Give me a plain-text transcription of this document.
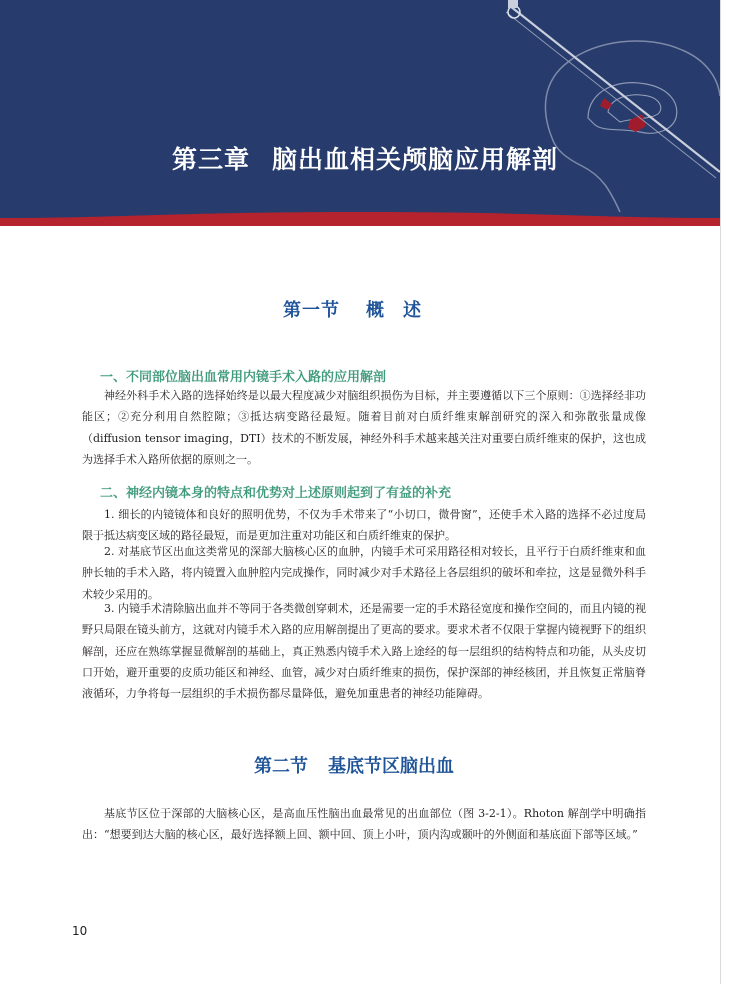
第三章 脑出血相关颅脑应用解剖
第一节 概 述
一、不同部位脑出血常用内镜手术入路的应用解剖

神经外科手术入路的选择始终是以最大程度减少对脑组织损伤为目标，并主要遵循以下三个原则：①选择经非功能区；②充分利用自然腔隙；③抵达病变路径最短。随着目前对白质纤维束解剖研究的深入和弥散张量成像（diffusion tensor imaging，DTI）技术的不断发展，神经外科手术越来越关注对重要白质纤维束的保护，这也成为选择手术入路所依据的原则之一。

二、神经内镜本身的特点和优势对上述原则起到了有益的补充

1. 细长的内镜镜体和良好的照明优势，不仅为手术带来了“小切口，微骨窗”，还使手术入路的选择不必过度局限于抵达病变区域的路径最短，而是更加注重对功能区和白质纤维束的保护。

2. 对基底节区出血这类常见的深部大脑核心区的血肿，内镜手术可采用路径相对较长，且平行于白质纤维束和血肿长轴的手术入路，将内镜置入血肿腔内完成操作，同时减少对手术路径上各层组织的破坏和牵拉，这是显微外科手术较少采用的。

3. 内镜手术清除脑出血并不等同于各类微创穿刺术，还是需要一定的手术路径宽度和操作空间的，而且内镜的视野只局限在镜头前方，这就对内镜手术入路的应用解剖提出了更高的要求。要求术者不仅限于掌握内镜视野下的组织解剖，还应在熟练掌握显微解剖的基础上，真正熟悉内镜手术入路上途经的每一层组织的结构特点和功能，从头皮切口开始，避开重要的皮质功能区和神经、血管，减少对白质纤维束的损伤，保护深部的神经核团，并且恢复正常脑脊液循环，力争将每一层组织的手术损伤都尽量降低，避免加重患者的神经功能障碍。

第二节 基底节区脑出血

基底节区位于深部的大脑核心区，是高血压性脑出血最常见的出血部位（图 3-2-1）。Rhoton 解剖学中明确指出：“想要到达大脑的核心区，最好选择额上回、额中回、顶上小叶，顶内沟或颞叶的外侧面和基底面下部等区域。”

10
